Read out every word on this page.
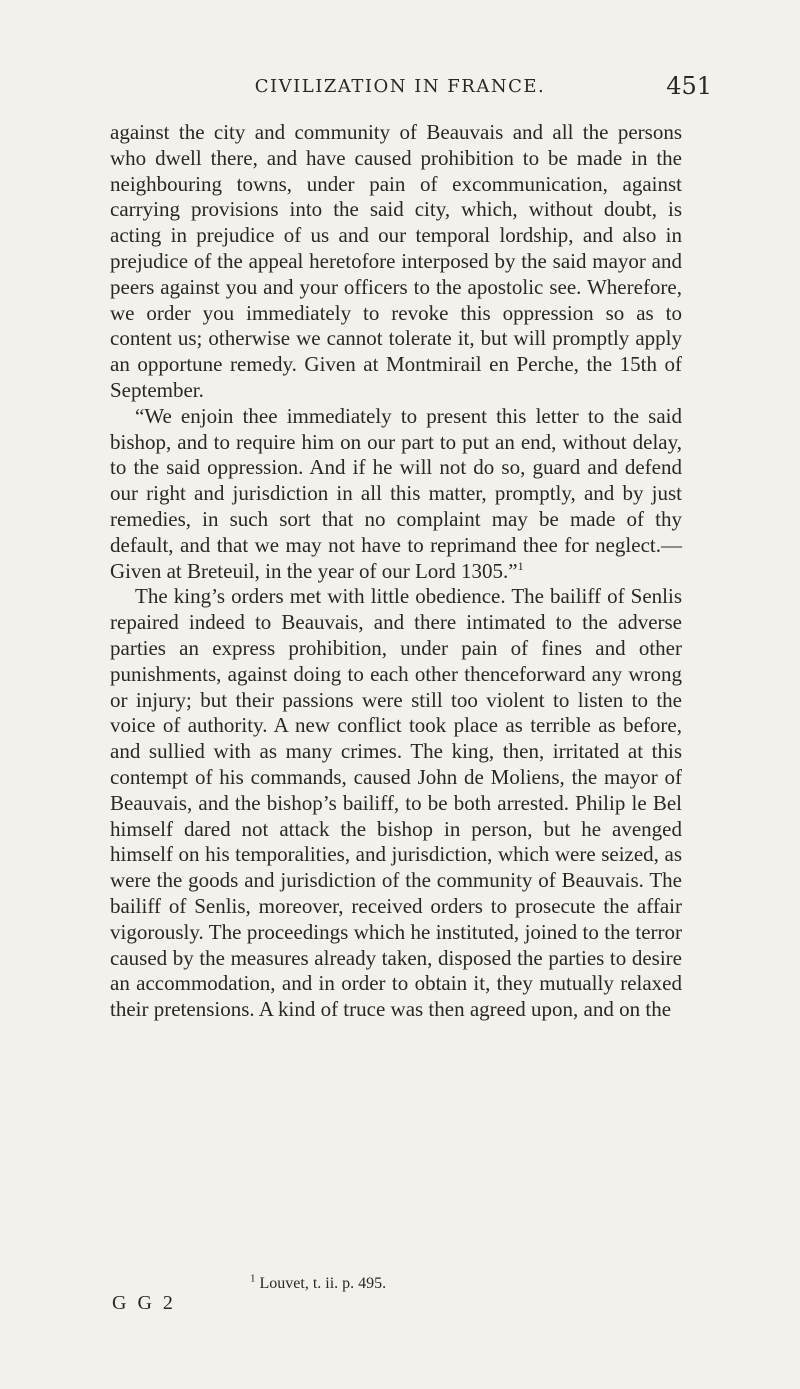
CIVILIZATION IN FRANCE.	451

against the city and community of Beauvais and all the persons who dwell there, and have caused prohibition to be made in the neighbouring towns, under pain of excommunication, against carrying provisions into the said city, which, without doubt, is acting in prejudice of us and our temporal lordship, and also in prejudice of the appeal heretofore interposed by the said mayor and peers against you and your officers to the apostolic see. Wherefore, we order you immediately to revoke this oppression so as to content us; otherwise we cannot tolerate it, but will promptly apply an opportune remedy. Given at Montmirail en Perche, the 15th of September.

“We enjoin thee immediately to present this letter to the said bishop, and to require him on our part to put an end, without delay, to the said oppression. And if he will not do so, guard and defend our right and jurisdiction in all this matter, promptly, and by just remedies, in such sort that no complaint may be made of thy default, and that we may not have to reprimand thee for neglect.—Given at Breteuil, in the year of our Lord 1305.”$^1$

The king’s orders met with little obedience. The bailiff of Senlis repaired indeed to Beauvais, and there intimated to the adverse parties an express prohibition, under pain of fines and other punishments, against doing to each other thenceforward any wrong or injury; but their passions were still too violent to listen to the voice of authority. A new conflict took place as terrible as before, and sullied with as many crimes. The king, then, irritated at this contempt of his commands, caused John de Moliens, the mayor of Beauvais, and the bishop’s bailiff, to be both arrested. Philip le Bel himself dared not attack the bishop in person, but he avenged himself on his temporalities, and jurisdiction, which were seized, as were the goods and jurisdiction of the community of Beauvais. The bailiff of Senlis, moreover, received orders to prosecute the affair vigorously. The proceedings which he instituted, joined to the terror caused by the measures already taken, disposed the parties to desire an accommodation, and in order to obtain it, they mutually relaxed their pretensions. A kind of truce was then agreed upon, and on the

$^1$ Louvet, t. ii. p. 495.
G G 2
